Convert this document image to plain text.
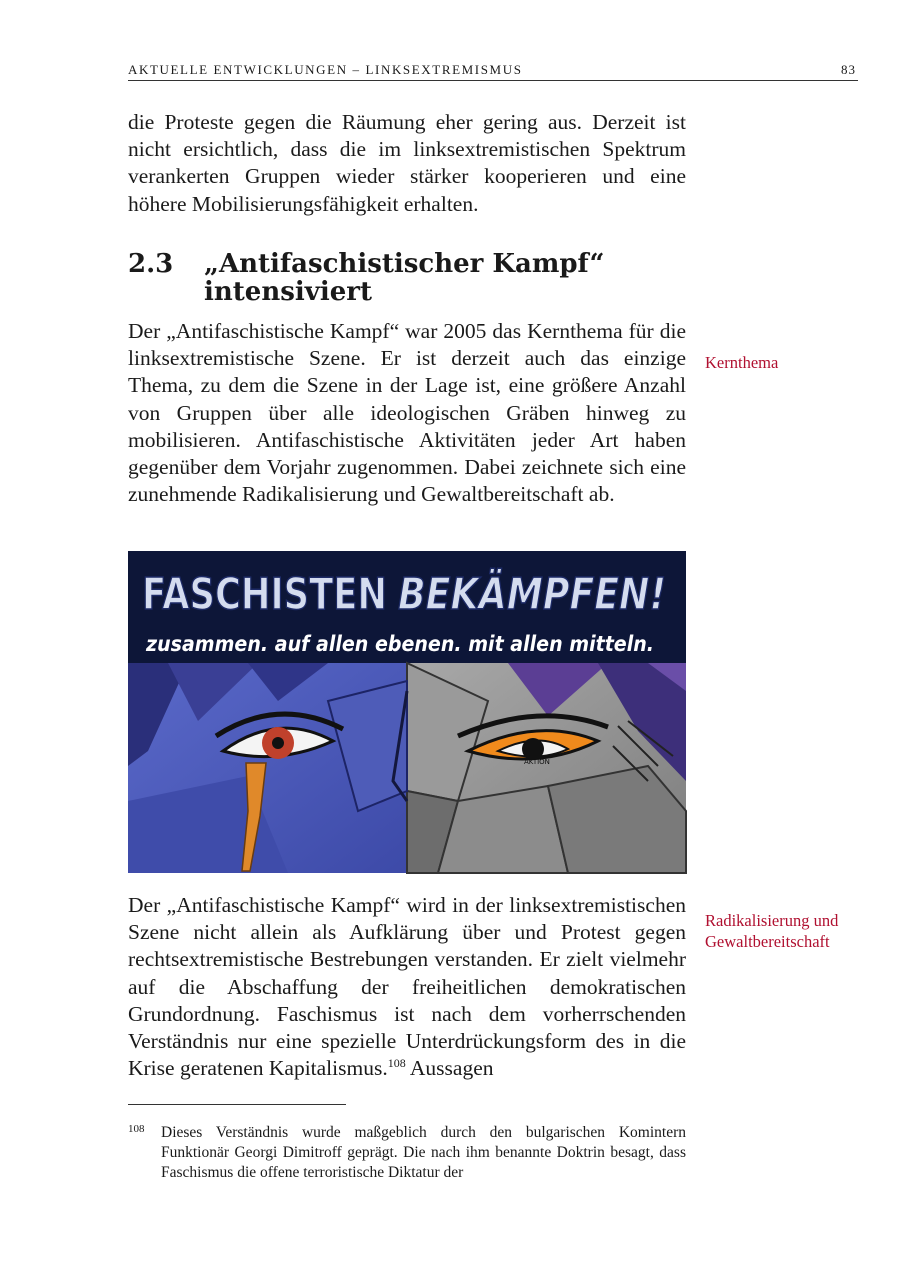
AKTUELLE ENTWICKLUNGEN – LINKSEXTREMISMUS	83

die Proteste gegen die Räumung eher gering aus. Derzeit ist nicht ersichtlich, dass die im linksextremistischen Spektrum verankerten Gruppen wieder stärker kooperieren und eine höhere Mobilisierungsfähigkeit erhalten.

2.3 „Antifaschistischer Kampf“ intensiviert

Der „Antifaschistische Kampf“ war 2005 das Kernthema für die linksextremistische Szene. Er ist derzeit auch das einzige Thema, zu dem die Szene in der Lage ist, eine größere Anzahl von Gruppen über alle ideologischen Gräben hinweg zu mobilisieren. Antifaschistische Aktivitäten jeder Art haben gegenüber dem Vorjahr zugenommen. Dabei zeichnete sich eine zunehmende Radikalisierung und Gewaltbereitschaft ab.

Kernthema
FASCHISTEN BEKÄMPFEN!
zusammen. auf allen ebenen. mit allen mitteln.
AKTION

Der „Antifaschistische Kampf“ wird in der linksextremistischen Szene nicht allein als Aufklärung über und Protest gegen rechtsextremistische Bestrebungen verstanden. Er zielt vielmehr auf die Abschaffung der freiheitlichen demokratischen Grundordnung. Faschismus ist nach dem vorherrschenden Verständnis nur eine spezielle Unterdrückungsform des in die Krise geratenen Kapitalismus.$^{108}$ Aussagen

Radikalisierung und
Gewaltbereitschaft
108 Dieses Verständnis wurde maßgeblich durch den bulgarischen Komintern Funktionär Georgi Dimitroff geprägt. Die nach ihm benannte Doktrin besagt, dass Faschismus die offene terroristische Diktatur der
